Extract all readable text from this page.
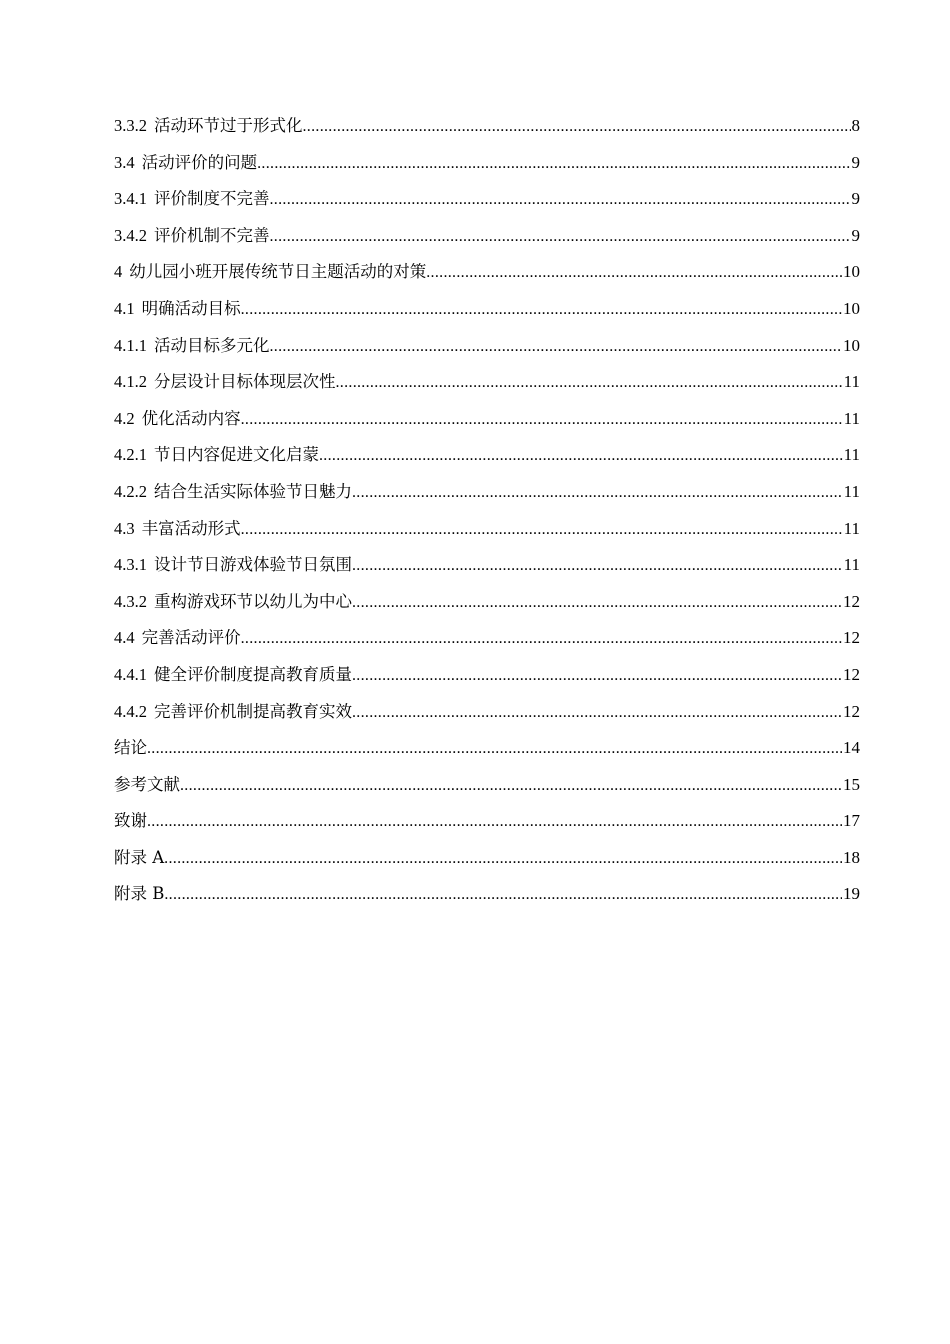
3.3.2 活动环节过于形式化 .....	8
3.4 活动评价的问题 .....	9
3.4.1 评价制度不完善 .....	9
3.4.2 评价机制不完善 .....	9
4 幼儿园小班开展传统节日主题活动的对策 .....	10
4.1 明确活动目标 .....	10
4.1.1 活动目标多元化 .....	10
4.1.2 分层设计目标体现层次性 .....	11
4.2 优化活动内容 .....	11
4.2.1 节日内容促进文化启蒙 .....	11
4.2.2 结合生活实际体验节日魅力 .....	11
4.3 丰富活动形式 .....	11
4.3.1 设计节日游戏体验节日氛围 .....	11
4.3.2 重构游戏环节以幼儿为中心 .....	12
4.4 完善活动评价 .....	12
4.4.1 健全评价制度提高教育质量 .....	12
4.4.2 完善评价机制提高教育实效 .....	12
结论 .....	14
参考文献 .....	15
致谢 .....	17
附录 A .....	18
附录 B .....	19
